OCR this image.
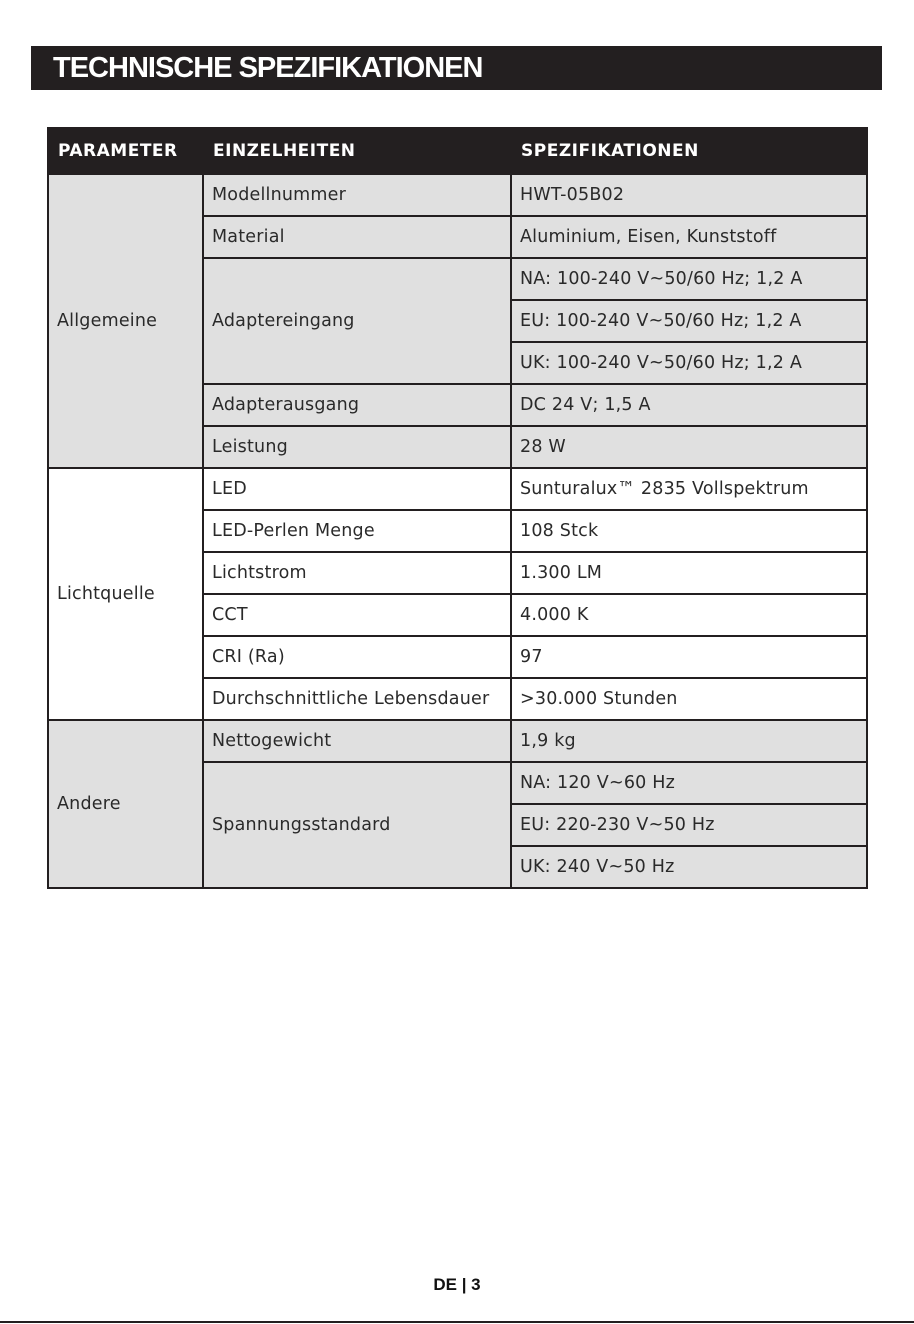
TECHNISCHE SPEZIFIKATIONEN
PARAMETER	EINZELHEITEN	SPEZIFIKATIONEN
Allgemeine	Modellnummer	HWT-05B02
	Material	Aluminium, Eisen, Kunststoff
	Adaptereingang	NA: 100-240 V~50/60 Hz; 1,2 A
		EU: 100-240 V~50/60 Hz; 1,2 A
		UK: 100-240 V~50/60 Hz; 1,2 A
	Adapterausgang	DC 24 V; 1,5 A
	Leistung	28 W
Lichtquelle	LED	Sunturalux™ 2835 Vollspektrum
	LED-Perlen Menge	108 Stck
	Lichtstrom	1.300 LM
	CCT	4.000 K
	CRI (Ra)	97
	Durchschnittliche Lebensdauer	>30.000 Stunden
Andere	Nettogewicht	1,9 kg
	Spannungsstandard	NA: 120 V~60 Hz
		EU: 220-230 V~50 Hz
		UK: 240 V~50 Hz
DE | 3
